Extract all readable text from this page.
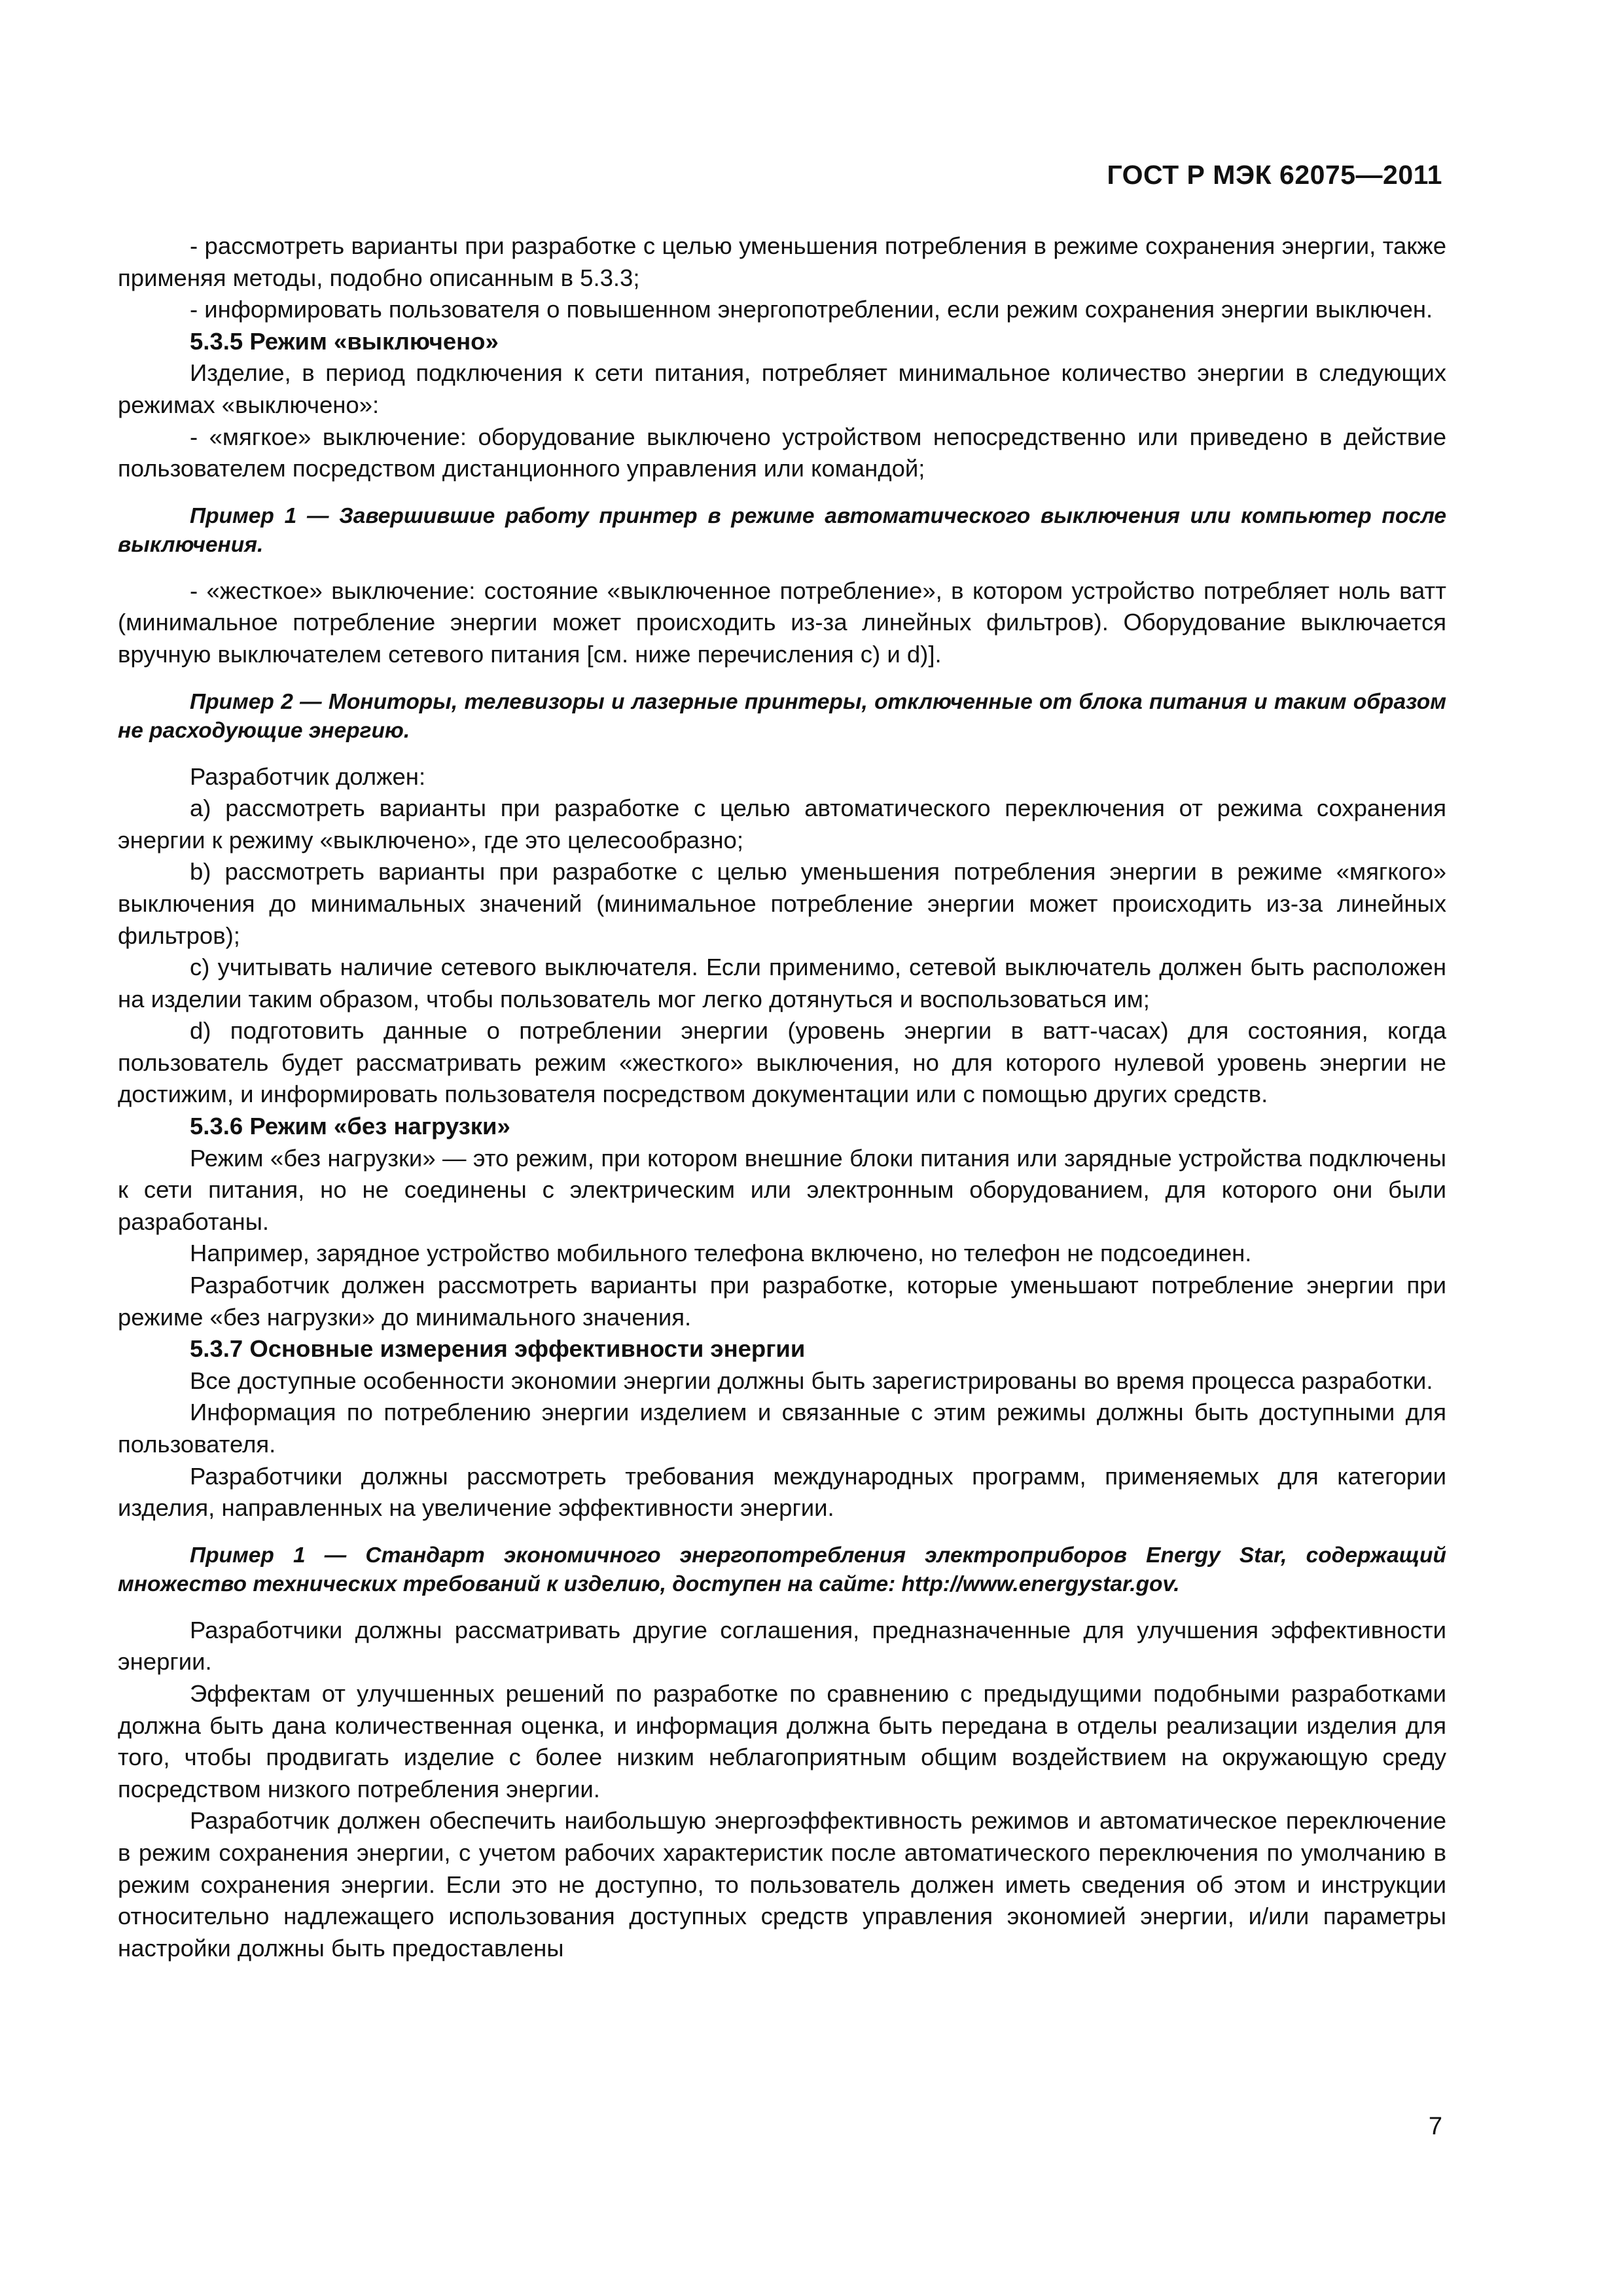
ГОСТ Р МЭК 62075—2011

- рассмотреть варианты при разработке с целью уменьшения потребления в режиме сохранения энергии, также применяя методы, подобно описанным в 5.3.3;

- информировать пользователя о повышенном энергопотреблении, если режим сохранения энергии выключен.

5.3.5 Режим «выключено»

Изделие, в период подключения к сети питания, потребляет минимальное количество энергии в следующих режимах «выключено»:

- «мягкое» выключение: оборудование выключено устройством непосредственно или приведено в действие пользователем посредством дистанционного управления или командой;

Пример 1 — Завершившие работу принтер в режиме автоматического выключения или компьютер после выключения.

- «жесткое» выключение: состояние «выключенное потребление», в котором устройство потребляет ноль ватт (минимальное потребление энергии может происходить из-за линейных фильтров). Оборудование выключается вручную выключателем сетевого питания [см. ниже перечисления c) и d)].

Пример 2 — Мониторы, телевизоры и лазерные принтеры, отключенные от блока питания и таким образом не расходующие энергию.

Разработчик должен:

a) рассмотреть варианты при разработке с целью автоматического переключения от режима сохранения энергии к режиму «выключено», где это целесообразно;

b) рассмотреть варианты при разработке с целью уменьшения потребления энергии в режиме «мягкого» выключения до минимальных значений (минимальное потребление энергии может происходить из-за линейных фильтров);

c) учитывать наличие сетевого выключателя. Если применимо, сетевой выключатель должен быть расположен на изделии таким образом, чтобы пользователь мог легко дотянуться и воспользоваться им;

d) подготовить данные о потреблении энергии (уровень энергии в ватт-часах) для состояния, когда пользователь будет рассматривать режим «жесткого» выключения, но для которого нулевой уровень энергии не достижим, и информировать пользователя посредством документации или с помощью других средств.

5.3.6 Режим «без нагрузки»

Режим «без нагрузки» — это режим, при котором внешние блоки питания или зарядные устройства подключены к сети питания, но не соединены с электрическим или электронным оборудованием, для которого они были разработаны.

Например, зарядное устройство мобильного телефона включено, но телефон не подсоединен.

Разработчик должен рассмотреть варианты при разработке, которые уменьшают потребление энергии при режиме «без нагрузки» до минимального значения.

5.3.7 Основные измерения эффективности энергии

Все доступные особенности экономии энергии должны быть зарегистрированы во время процесса разработки.

Информация по потреблению энергии изделием и связанные с этим режимы должны быть доступными для пользователя.

Разработчики должны рассмотреть требования международных программ, применяемых для категории изделия, направленных на увеличение эффективности энергии.

Пример 1 — Стандарт экономичного энергопотребления электроприборов Energy Star, содержащий множество технических требований к изделию, доступен на сайте: http://www.energystar.gov.

Разработчики должны рассматривать другие соглашения, предназначенные для улучшения эффективности энергии.

Эффектам от улучшенных решений по разработке по сравнению с предыдущими подобными разработками должна быть дана количественная оценка, и информация должна быть передана в отделы реализации изделия для того, чтобы продвигать изделие с более низким неблагоприятным общим воздействием на окружающую среду посредством низкого потребления энергии.

Разработчик должен обеспечить наибольшую энергоэффективность режимов и автоматическое переключение в режим сохранения энергии, с учетом рабочих характеристик после автоматического переключения по умолчанию в режим сохранения энергии. Если это не доступно, то пользователь должен иметь сведения об этом и инструкции относительно надлежащего использования доступных средств управления экономией энергии, и/или параметры настройки должны быть предоставлены

7
